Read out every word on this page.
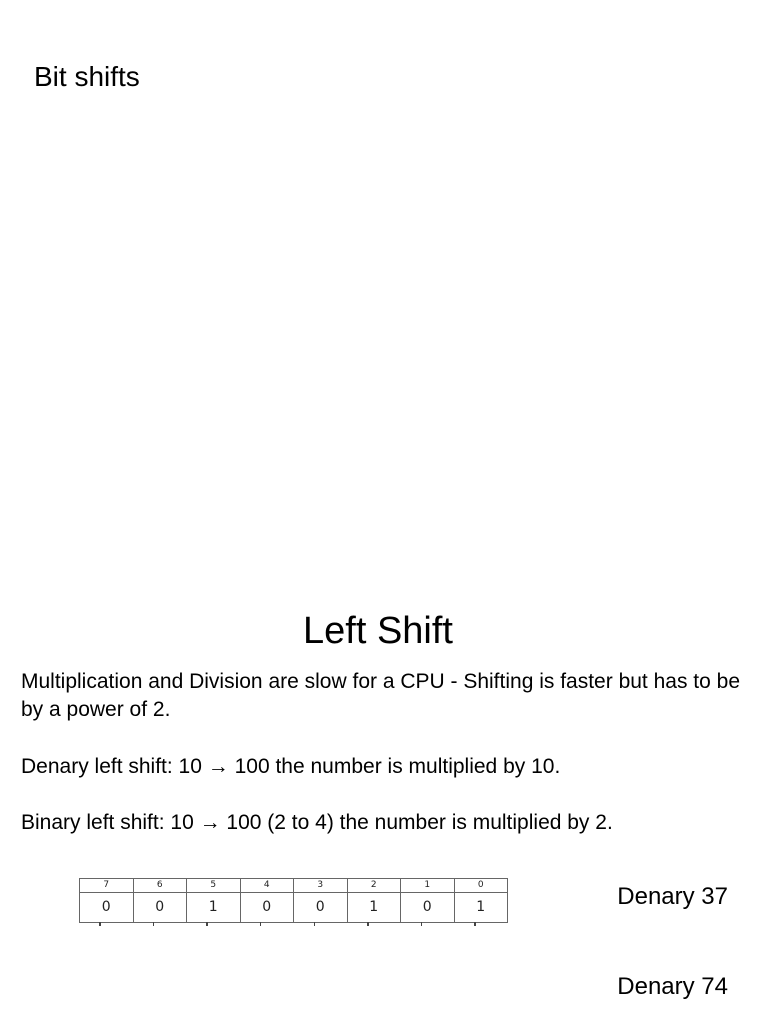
Bit shifts
Left Shift

Multiplication and Division are slow for a CPU - Shifting is faster but has to be by a power of 2.

Denary left shift: 10 → 100 the number is multiplied by 10.

Binary left shift: 10 → 100 (2 to 4) the number is multiplied by 2.

7	6	5	4	3	2	1	0
0	0	1	0	0	1	0	1	Denary 37

Denary 74
